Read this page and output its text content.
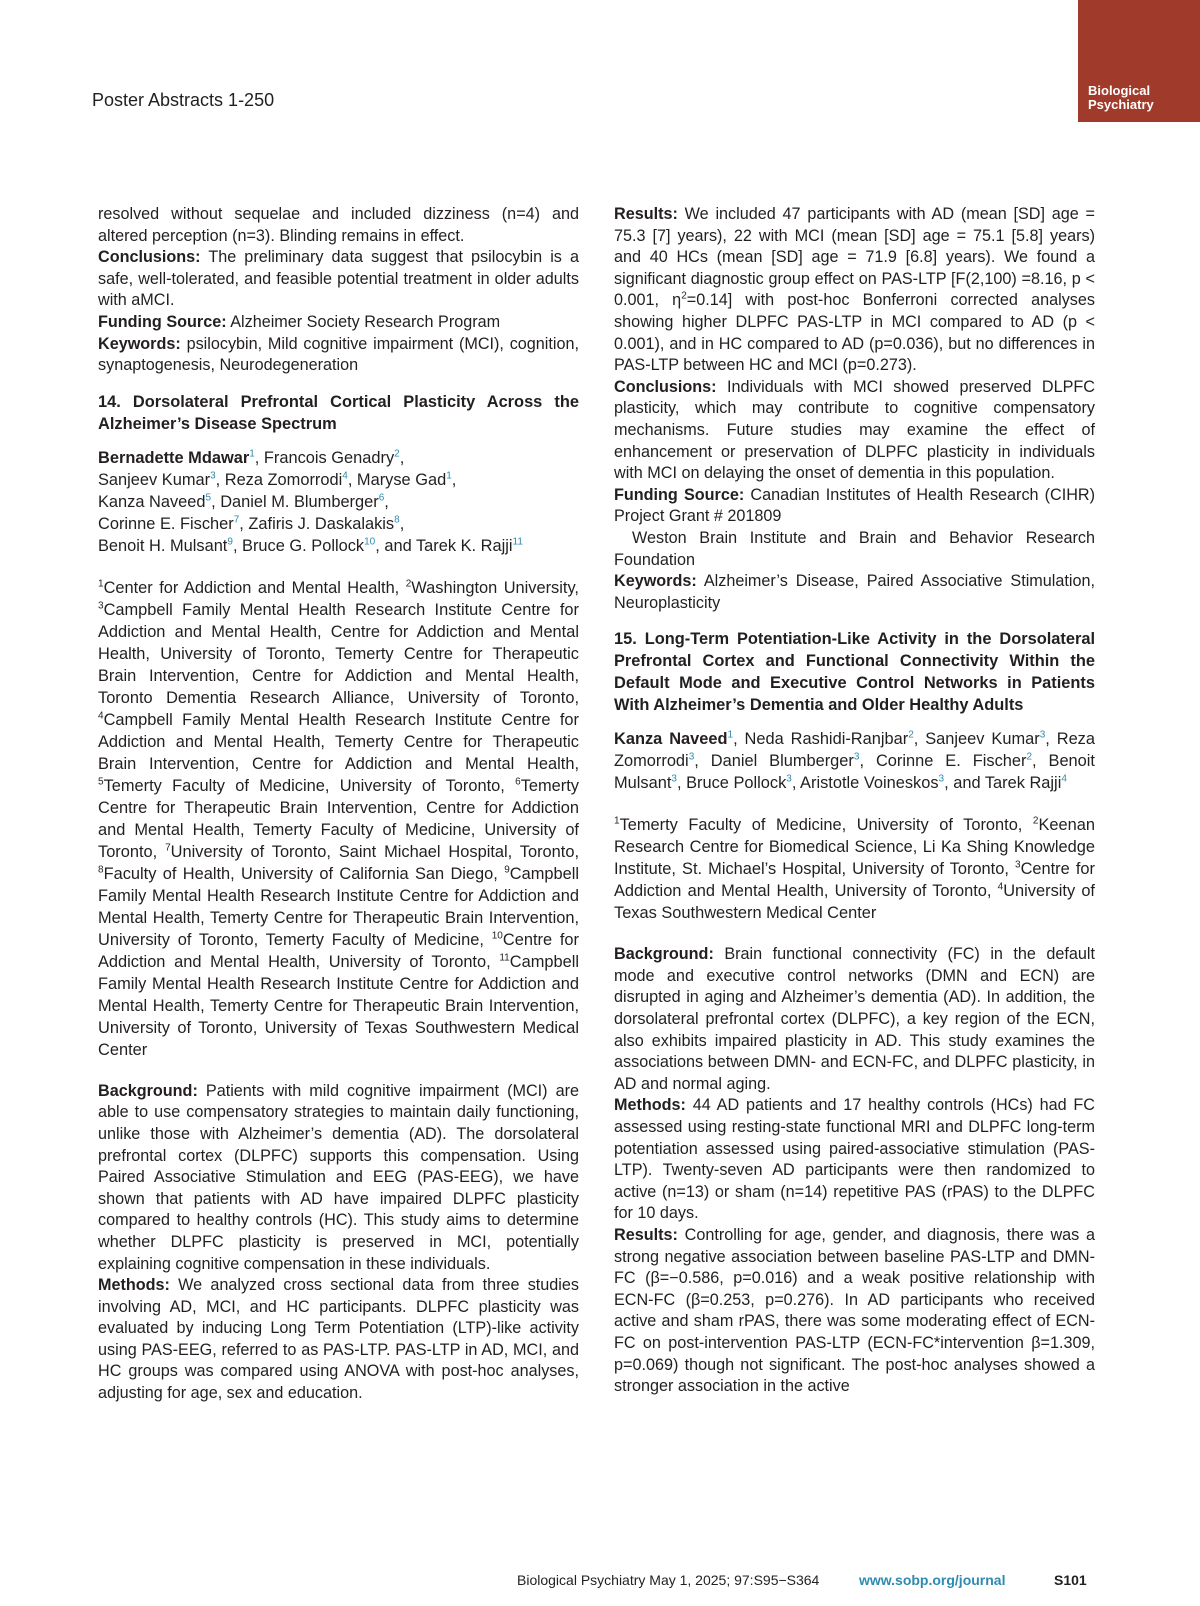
Poster Abstracts 1-250	Biological
Psychiatry

resolved without sequelae and included dizziness (n=4) and altered perception (n=3). Blinding remains in effect.

Conclusions: The preliminary data suggest that psilocybin is a safe, well-tolerated, and feasible potential treatment in older adults with aMCI.

Funding Source: Alzheimer Society Research Program

Keywords: psilocybin, Mild cognitive impairment (MCI), cognition, synaptogenesis, Neurodegeneration

14. Dorsolateral Prefrontal Cortical Plasticity Across the Alzheimer’s Disease Spectrum

Bernadette Mdawar$^1$, Francois Genadry$^2$,
Sanjeev Kumar$^3$, Reza Zomorrodi$^4$, Maryse Gad$^1$,
Kanza Naveed$^5$, Daniel M. Blumberger$^6$,
Corinne E. Fischer$^7$, Zafiris J. Daskalakis$^8$,
Benoit H. Mulsant$^9$, Bruce G. Pollock$^{10}$, and Tarek K. Rajji$^{11}$

$^1$Center for Addiction and Mental Health, $^2$Washington University, $^3$Campbell Family Mental Health Research Institute Centre for Addiction and Mental Health, Centre for Addiction and Mental Health, University of Toronto, Temerty Centre for Therapeutic Brain Intervention, Centre for Addiction and Mental Health, Toronto Dementia Research Alliance, University of Toronto, $^4$Campbell Family Mental Health Research Institute Centre for Addiction and Mental Health, Temerty Centre for Therapeutic Brain Intervention, Centre for Addiction and Mental Health, $^5$Temerty Faculty of Medicine, University of Toronto, $^6$Temerty Centre for Therapeutic Brain Intervention, Centre for Addiction and Mental Health, Temerty Faculty of Medicine, University of Toronto, $^7$University of Toronto, Saint Michael Hospital, Toronto, $^8$Faculty of Health, University of California San Diego, $^9$Campbell Family Mental Health Research Institute Centre for Addiction and Mental Health, Temerty Centre for Therapeutic Brain Intervention, University of Toronto, Temerty Faculty of Medicine, $^{10}$Centre for Addiction and Mental Health, University of Toronto, $^{11}$Campbell Family Mental Health Research Institute Centre for Addiction and Mental Health, Temerty Centre for Therapeutic Brain Intervention, University of Toronto, University of Texas Southwestern Medical Center

Background: Patients with mild cognitive impairment (MCI) are able to use compensatory strategies to maintain daily functioning, unlike those with Alzheimer’s dementia (AD). The dorsolateral prefrontal cortex (DLPFC) supports this compensation. Using Paired Associative Stimulation and EEG (PAS-EEG), we have shown that patients with AD have impaired DLPFC plasticity compared to healthy controls (HC). This study aims to determine whether DLPFC plasticity is preserved in MCI, potentially explaining cognitive compensation in these individuals.

Methods: We analyzed cross sectional data from three studies involving AD, MCI, and HC participants. DLPFC plasticity was evaluated by inducing Long Term Potentiation (LTP)-like activity using PAS-EEG, referred to as PAS-LTP. PAS-LTP in AD, MCI, and HC groups was compared using ANOVA with post-hoc analyses, adjusting for age, sex and education.

Results: We included 47 participants with AD (mean [SD] age = 75.3 [7] years), 22 with MCI (mean [SD] age = 75.1 [5.8] years) and 40 HCs (mean [SD] age = 71.9 [6.8] years). We found a significant diagnostic group effect on PAS-LTP [F(2,100) =8.16, p < 0.001, $\eta^2=0.14$] with post-hoc Bonferroni corrected analyses showing higher DLPFC PAS-LTP in MCI compared to AD (p < 0.001), and in HC compared to AD (p=0.036), but no differences in PAS-LTP between HC and MCI (p=0.273).

Conclusions: Individuals with MCI showed preserved DLPFC plasticity, which may contribute to cognitive compensatory mechanisms. Future studies may examine the effect of enhancement or preservation of DLPFC plasticity in individuals with MCI on delaying the onset of dementia in this population.

Funding Source: Canadian Institutes of Health Research (CIHR) Project Grant # 201809

Weston Brain Institute and Brain and Behavior Research Foundation

Keywords: Alzheimer’s Disease, Paired Associative Stimulation, Neuroplasticity

15. Long-Term Potentiation-Like Activity in the Dorsolateral Prefrontal Cortex and Functional Connectivity Within the Default Mode and Executive Control Networks in Patients With Alzheimer’s Dementia and Older Healthy Adults

Kanza Naveed$^1$, Neda Rashidi-Ranjbar$^2$, Sanjeev Kumar$^3$, Reza Zomorrodi$^3$, Daniel Blumberger$^3$, Corinne E. Fischer$^2$, Benoit Mulsant$^3$, Bruce Pollock$^3$, Aristotle Voineskos$^3$, and Tarek Rajji$^4$

$^1$Temerty Faculty of Medicine, University of Toronto, $^2$Keenan Research Centre for Biomedical Science, Li Ka Shing Knowledge Institute, St. Michael’s Hospital, University of Toronto, $^3$Centre for Addiction and Mental Health, University of Toronto, $^4$University of Texas Southwestern Medical Center

Background: Brain functional connectivity (FC) in the default mode and executive control networks (DMN and ECN) are disrupted in aging and Alzheimer’s dementia (AD). In addition, the dorsolateral prefrontal cortex (DLPFC), a key region of the ECN, also exhibits impaired plasticity in AD. This study examines the associations between DMN- and ECN-FC, and DLPFC plasticity, in AD and normal aging.

Methods: 44 AD patients and 17 healthy controls (HCs) had FC assessed using resting-state functional MRI and DLPFC long-term potentiation assessed using paired-associative stimulation (PAS-LTP). Twenty-seven AD participants were then randomized to active (n=13) or sham (n=14) repetitive PAS (rPAS) to the DLPFC for 10 days.

Results: Controlling for age, gender, and diagnosis, there was a strong negative association between baseline PAS-LTP and DMN-FC (β=−0.586, p=0.016) and a weak positive relationship with ECN-FC (β=0.253, p=0.276). In AD participants who received active and sham rPAS, there was some moderating effect of ECN-FC on post-intervention PAS-LTP (ECN-FC*intervention β=1.309, p=0.069) though not significant. The post-hoc analyses showed a stronger association in the active

Biological Psychiatry May 1, 2025; 97:S95−S364	www.sobp.org/journal	S101
